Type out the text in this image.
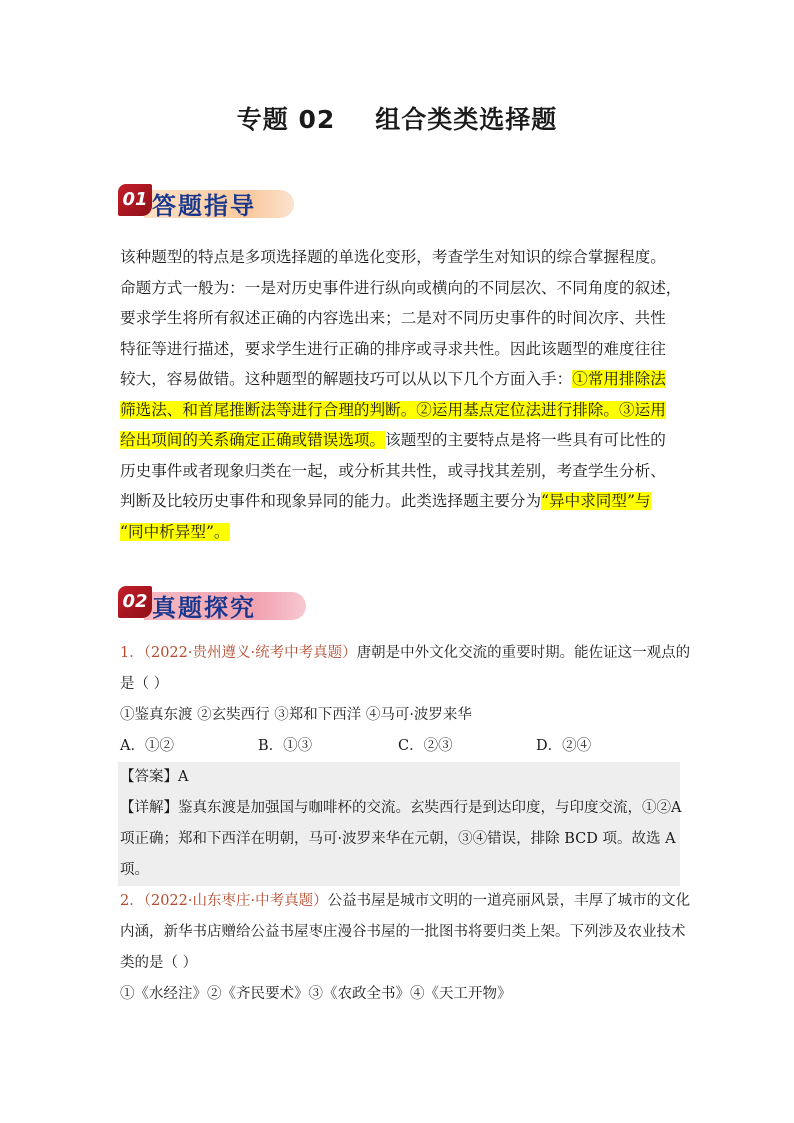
专题 02 组合类类选择题
01 答题指导
该种题型的特点是多项选择题的单选化变形，考查学生对知识的综合掌握程度。
命题方式一般为：一是对历史事件进行纵向或横向的不同层次、不同角度的叙述，
要求学生将所有叙述正确的内容选出来；二是对不同历史事件的时间次序、共性
特征等进行描述，要求学生进行正确的排序或寻求共性。因此该题型的难度往往
较大，容易做错。这种题型的解题技巧可以从以下几个方面入手：①常用排除法
筛选法、和首尾推断法等进行合理的判断。②运用基点定位法进行排除。③运用
给出项间的关系确定正确或错误选项。该题型的主要特点是将一些具有可比性的
历史事件或者现象归类在一起，或分析其共性，或寻找其差别，考查学生分析、
判断及比较历史事件和现象异同的能力。此类选择题主要分为“异中求同型”与
“同中析异型”。
02 真题探究
1．（2022·贵州遵义·统考中考真题）唐朝是中外文化交流的重要时期。能佐证这一观点的
是（ ）
①鉴真东渡 ②玄奘西行 ③郑和下西洋 ④马可·波罗来华
A．①②	B．①③	C．②③	D．②④
【答案】A
【详解】鉴真东渡是加强国与咖啡杯的交流。玄奘西行是到达印度，与印度交流，①②A
项正确；郑和下西洋在明朝，马可·波罗来华在元朝，③④错误，排除 BCD 项。故选 A
项。
2．（2022·山东枣庄·中考真题）公益书屋是城市文明的一道亮丽风景，丰厚了城市的文化
内涵，新华书店赠给公益书屋枣庄漫谷书屋的一批图书将要归类上架。下列涉及农业技术
类的是（ ）
①《水经注》②《齐民要术》③《农政全书》④《天工开物》
